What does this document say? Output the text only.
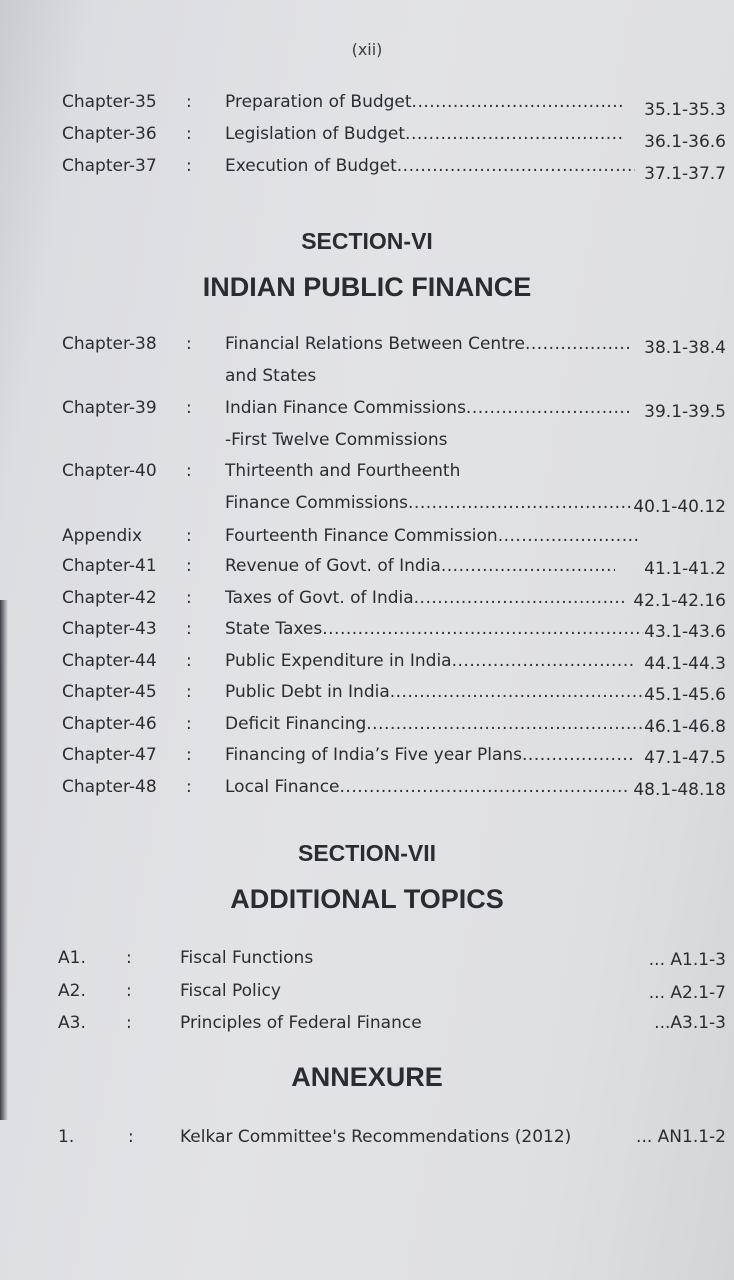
(xii)
Chapter-35 : Preparation of Budget .....	35.1-35.3
Chapter-36 : Legislation of Budget .....	36.1-36.6
Chapter-37 : Execution of Budget .....	37.1-37.7
SECTION-VI
INDIAN PUBLIC FINANCE
Chapter-38 : Financial Relations Between Centre .....	38.1-38.4
and States
Chapter-39 : Indian Finance Commissions .....	39.1-39.5
-First Twelve Commissions
Chapter-40 : Thirteenth and Fourtheenth
Finance Commissions .....	40.1-40.12
Appendix	: Fourteenth Finance Commission .....
Chapter-41 : Revenue of Govt. of India .....	41.1-41.2
Chapter-42 : Taxes of Govt. of India .....	42.1-42.16
Chapter-43 : State Taxes .....	43.1-43.6
Chapter-44 : Public Expenditure in India .....	44.1-44.3
Chapter-45 : Public Debt in India .....	45.1-45.6
Chapter-46 : Deficit Financing .....	46.1-46.8
Chapter-47 : Financing of India’s Five year Plans .....	47.1-47.5
Chapter-48 : Local Finance .....	48.1-48.18
SECTION-VII
ADDITIONAL TOPICS
A1. :	Fiscal Functions	... A1.1-3
A2. :	Fiscal Policy	... A2.1-7
A3. :	Principles of Federal Finance	...A3.1-3
ANNEXURE
1.	:	Kelkar Committee's Recommendations (2012)	... AN1.1-2
